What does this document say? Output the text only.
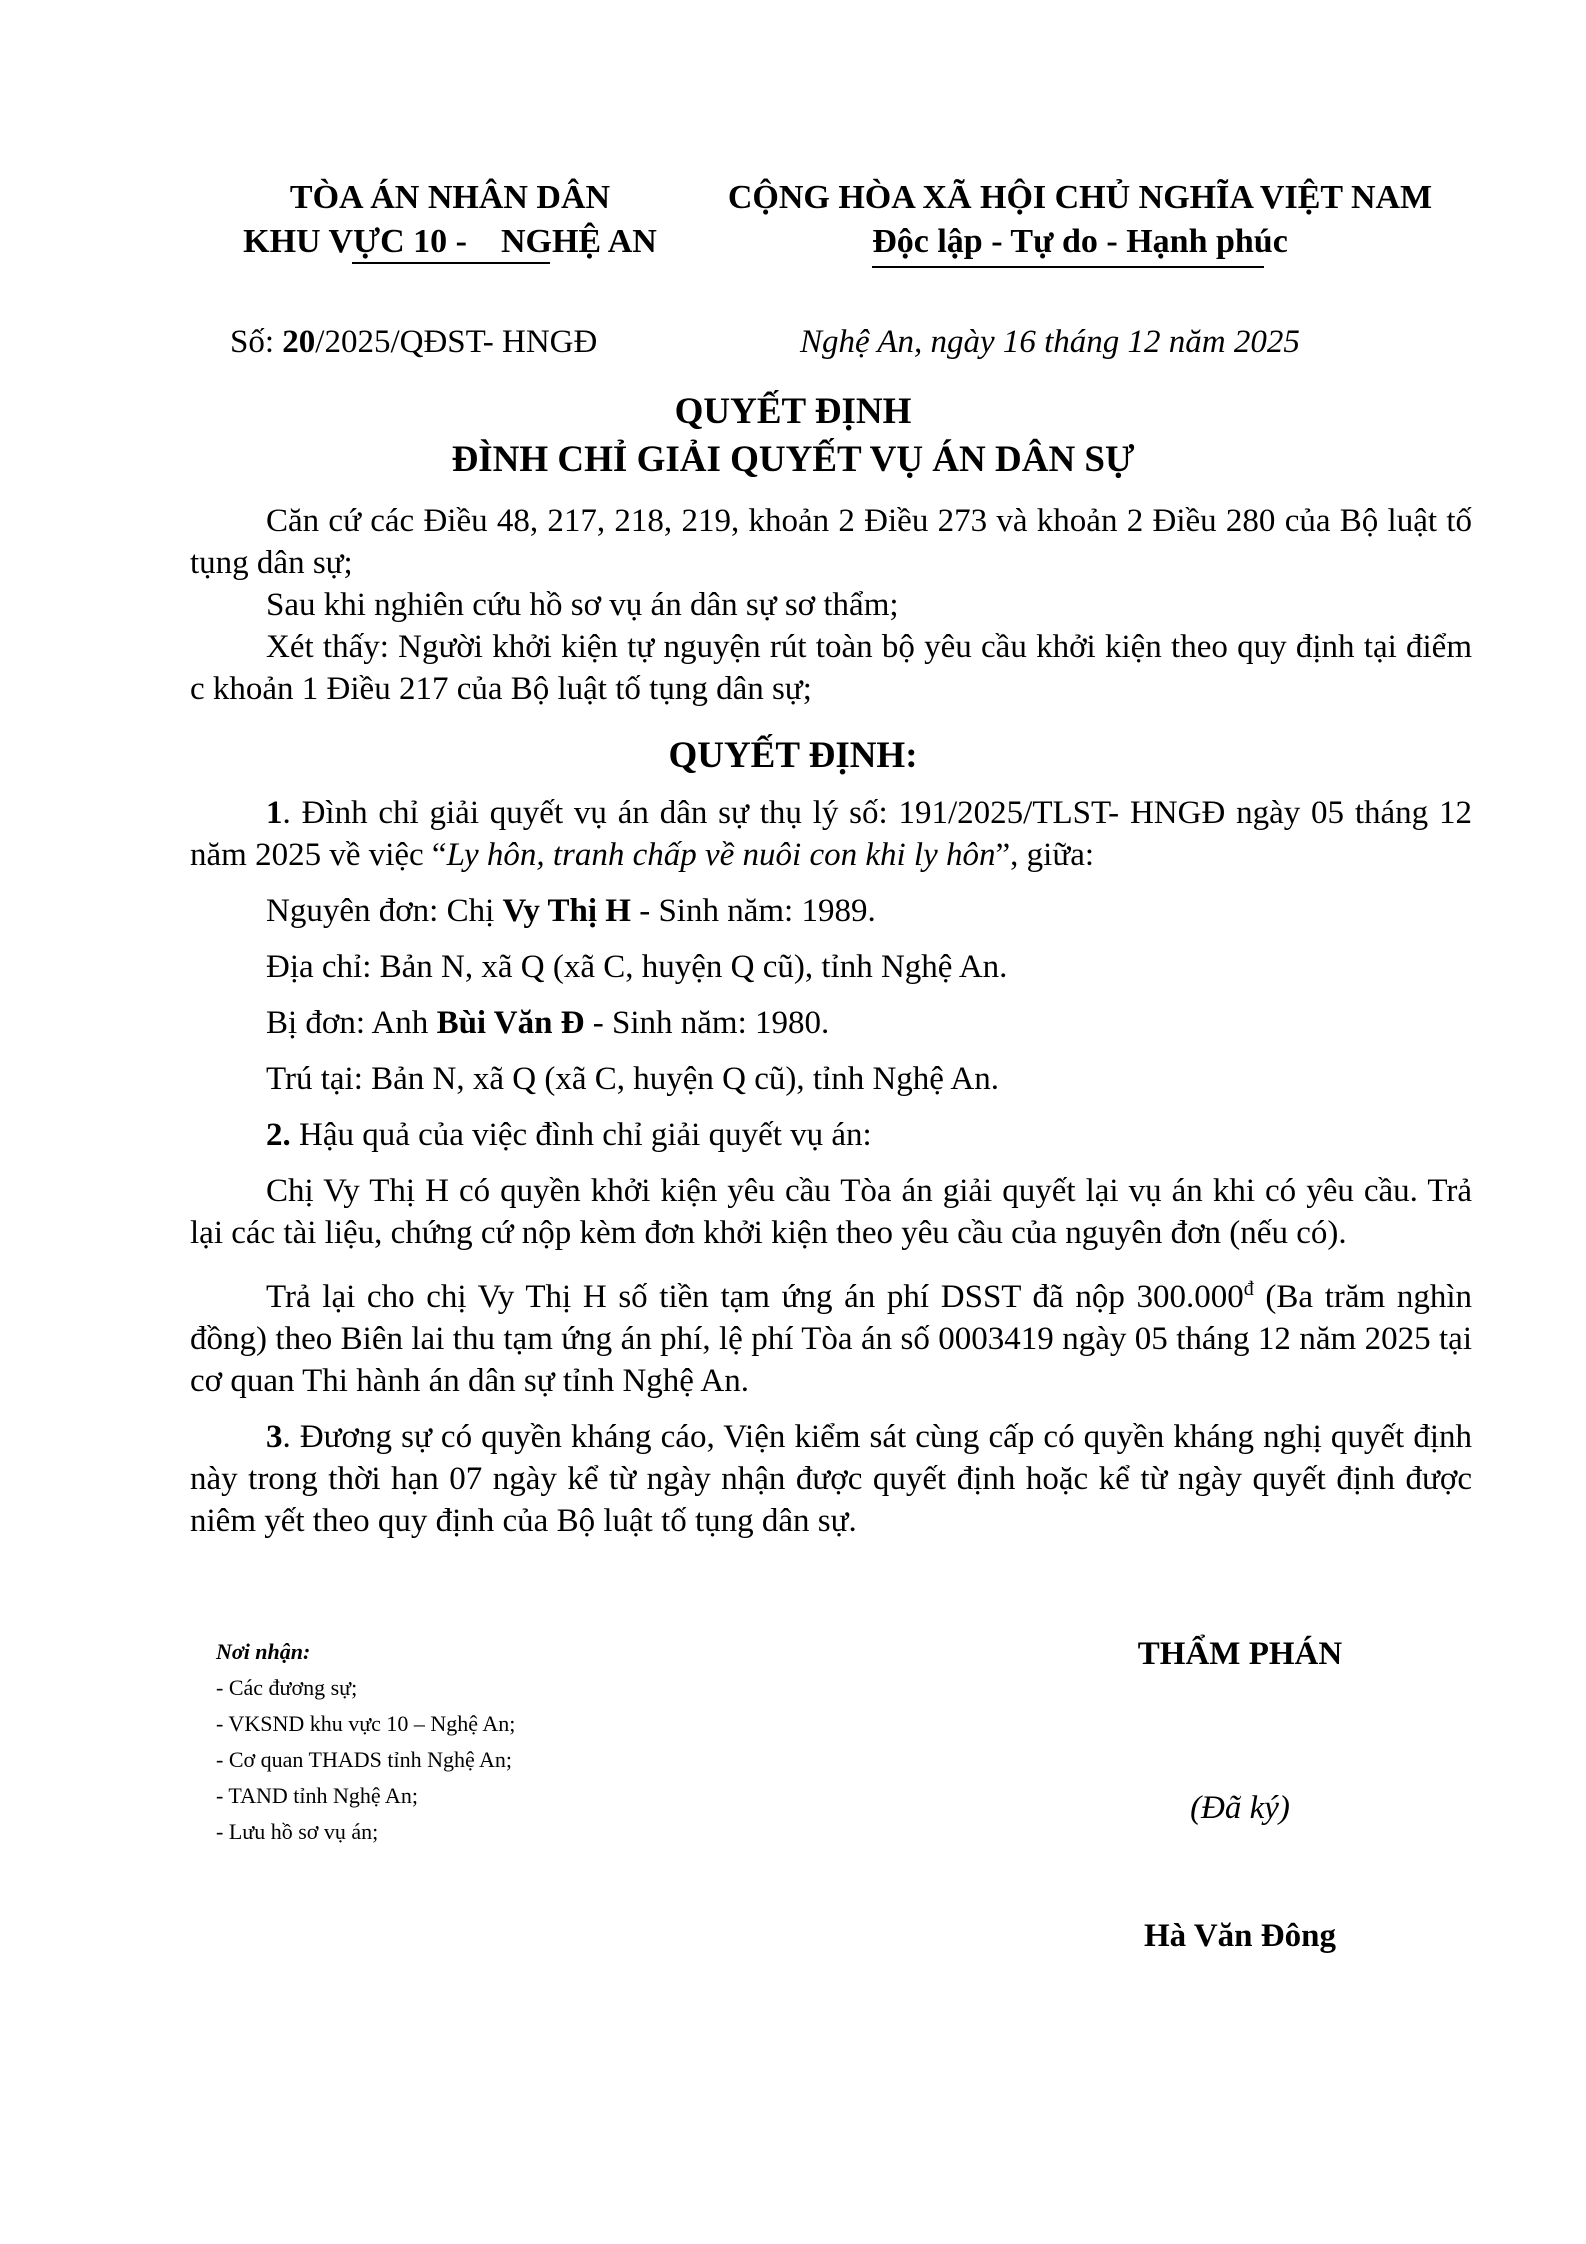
TÒA ÁN NHÂN DÂN
KHU VỰC 10 -    NGHỆ AN
CỘNG HÒA XÃ HỘI CHỦ NGHĨA VIỆT NAM
Độc lập - Tự do - Hạnh phúc
Số: 20/2025/QĐST- HNGĐ	Nghệ An, ngày 16 tháng 12 năm 2025
QUYẾT ĐỊNH
ĐÌNH CHỈ GIẢI QUYẾT VỤ ÁN DÂN SỰ

Căn cứ các Điều 48, 217, 218, 219, khoản 2 Điều 273 và khoản 2 Điều 280 của Bộ luật tố tụng dân sự;

Sau khi nghiên cứu hồ sơ vụ án dân sự sơ thẩm;

Xét thấy: Người khởi kiện tự nguyện rút toàn bộ yêu cầu khởi kiện theo quy định tại điểm c khoản 1 Điều 217 của Bộ luật tố tụng dân sự;

QUYẾT ĐỊNH:

1. Đình chỉ giải quyết vụ án dân sự thụ lý số: 191/2025/TLST- HNGĐ ngày 05 tháng 12 năm 2025 về việc “Ly hôn, tranh chấp về nuôi con khi ly hôn”, giữa:

Nguyên đơn: Chị Vy Thị H - Sinh năm: 1989.

Địa chỉ: Bản N, xã Q (xã C, huyện Q cũ), tỉnh Nghệ An.

Bị đơn: Anh Bùi Văn Đ - Sinh năm: 1980.

Trú tại: Bản N, xã Q (xã C, huyện Q cũ), tỉnh Nghệ An.

2. Hậu quả của việc đình chỉ giải quyết vụ án:

Chị Vy Thị H có quyền khởi kiện yêu cầu Tòa án giải quyết lại vụ án khi có yêu cầu. Trả lại các tài liệu, chứng cứ nộp kèm đơn khởi kiện theo yêu cầu của nguyên đơn (nếu có).

Trả lại cho chị Vy Thị H số tiền tạm ứng án phí DSST đã nộp $300.000^đ$ (Ba trăm nghìn đồng) theo Biên lai thu tạm ứng án phí, lệ phí Tòa án số 0003419 ngày 05 tháng 12 năm 2025 tại cơ quan Thi hành án dân sự tỉnh Nghệ An.

3. Đương sự có quyền kháng cáo, Viện kiểm sát cùng cấp có quyền kháng nghị quyết định này trong thời hạn 07 ngày kể từ ngày nhận được quyết định hoặc kể từ ngày quyết định được niêm yết theo quy định của Bộ luật tố tụng dân sự.

Nơi nhận:
- Các đương sự;
- VKSND khu vực 10 – Nghệ An;
- Cơ quan THADS tỉnh Nghệ An;
- TAND tỉnh Nghệ An;
- Lưu hồ sơ vụ án;
THẨM PHÁN
(Đã ký)
Hà Văn Đông
